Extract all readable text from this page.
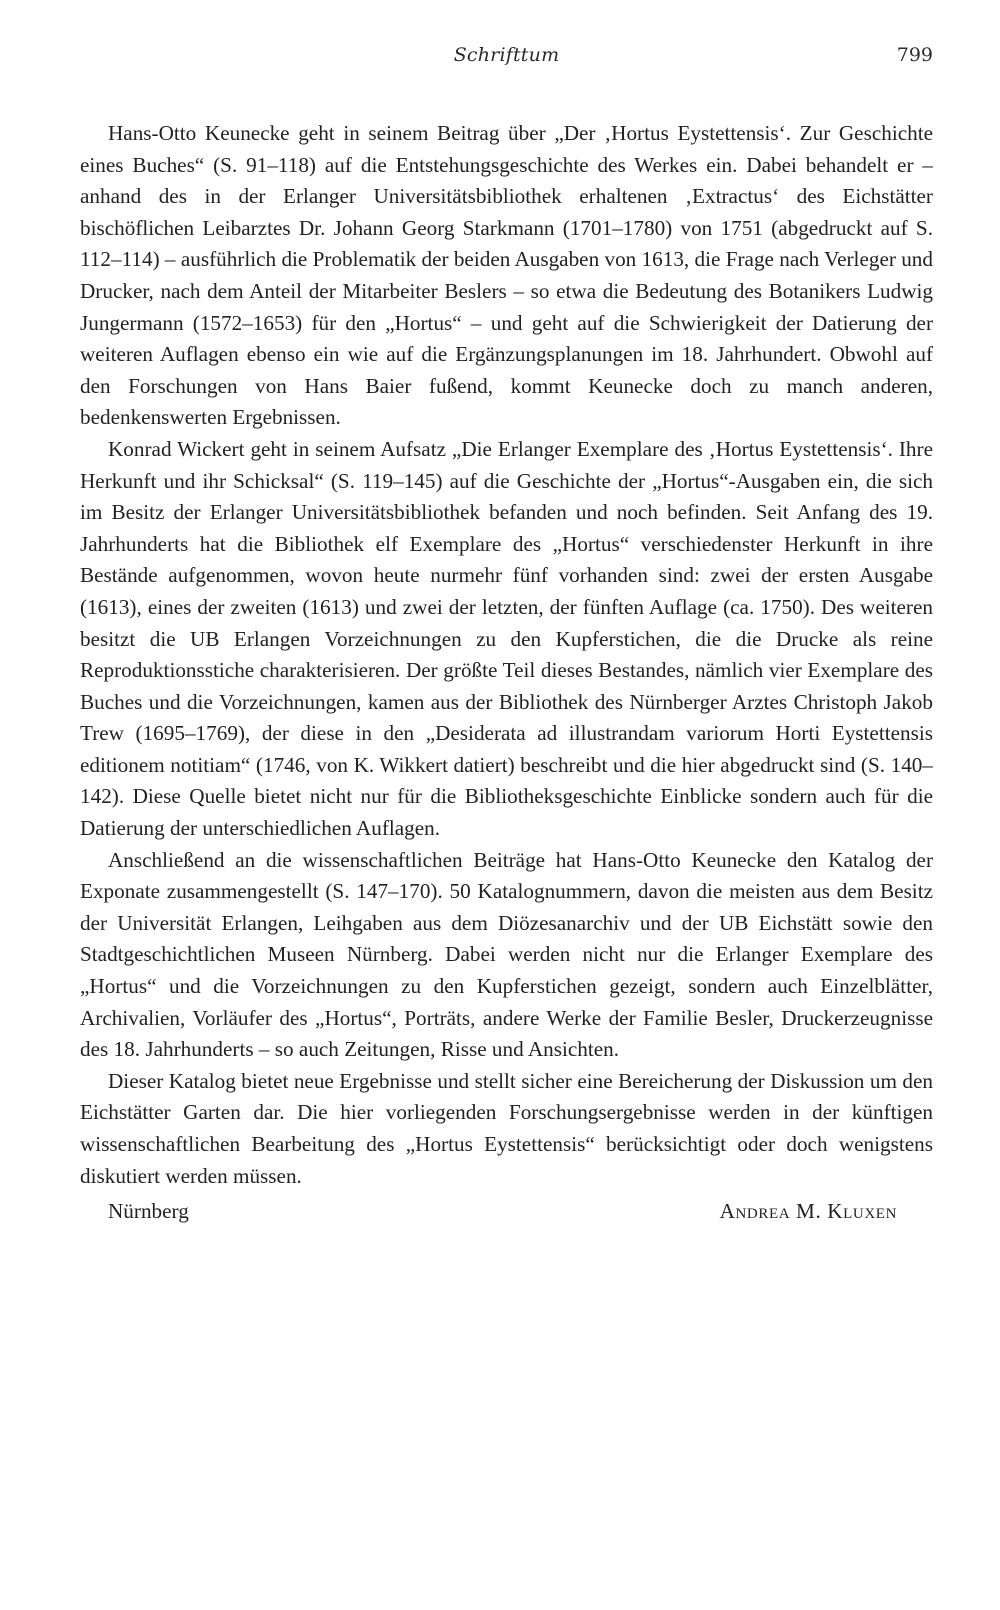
Schrifttum	799

Hans-Otto Keunecke geht in seinem Beitrag über „Der ‚Hortus Eystettensis‘. Zur Geschichte eines Buches“ (S. 91–118) auf die Entstehungsgeschichte des Werkes ein. Dabei behandelt er – anhand des in der Erlanger Universitätsbibliothek erhaltenen ‚Extractus‘ des Eichstätter bischöflichen Leibarztes Dr. Johann Georg Starkmann (1701–1780) von 1751 (abgedruckt auf S. 112–114) – ausführlich die Problematik der beiden Ausgaben von 1613, die Frage nach Verleger und Drucker, nach dem Anteil der Mitarbeiter Beslers – so etwa die Bedeutung des Botanikers Ludwig Jungermann (1572–1653) für den „Hortus“ – und geht auf die Schwierigkeit der Datierung der weiteren Auflagen ebenso ein wie auf die Ergänzungsplanungen im 18. Jahrhundert. Obwohl auf den Forschungen von Hans Baier fußend, kommt Keunecke doch zu manch anderen, bedenkenswerten Ergebnissen.

Konrad Wickert geht in seinem Aufsatz „Die Erlanger Exemplare des ‚Hortus Eystettensis‘. Ihre Herkunft und ihr Schicksal“ (S. 119–145) auf die Geschichte der „Hortus“-Ausgaben ein, die sich im Besitz der Erlanger Universitätsbibliothek befanden und noch befinden. Seit Anfang des 19. Jahrhunderts hat die Bibliothek elf Exemplare des „Hortus“ verschiedenster Herkunft in ihre Bestände aufgenommen, wovon heute nurmehr fünf vorhanden sind: zwei der ersten Ausgabe (1613), eines der zweiten (1613) und zwei der letzten, der fünften Auflage (ca. 1750). Des weiteren besitzt die UB Erlangen Vorzeichnungen zu den Kupferstichen, die die Drucke als reine Reproduktionsstiche charakterisieren. Der größte Teil dieses Bestandes, nämlich vier Exemplare des Buches und die Vorzeichnungen, kamen aus der Bibliothek des Nürnberger Arztes Christoph Jakob Trew (1695–1769), der diese in den „Desiderata ad illustrandam variorum Horti Eystettensis editionem notitiam“ (1746, von K. Wikkert datiert) beschreibt und die hier abgedruckt sind (S. 140–142). Diese Quelle bietet nicht nur für die Bibliotheksgeschichte Einblicke sondern auch für die Datierung der unterschiedlichen Auflagen.

Anschließend an die wissenschaftlichen Beiträge hat Hans-Otto Keunecke den Katalog der Exponate zusammengestellt (S. 147–170). 50 Katalognummern, davon die meisten aus dem Besitz der Universität Erlangen, Leihgaben aus dem Diözesanarchiv und der UB Eichstätt sowie den Stadtgeschichtlichen Museen Nürnberg. Dabei werden nicht nur die Erlanger Exemplare des „Hortus“ und die Vorzeichnungen zu den Kupferstichen gezeigt, sondern auch Einzelblätter, Archivalien, Vorläufer des „Hortus“, Porträts, andere Werke der Familie Besler, Druckerzeugnisse des 18. Jahrhunderts – so auch Zeitungen, Risse und Ansichten.

Dieser Katalog bietet neue Ergebnisse und stellt sicher eine Bereicherung der Diskussion um den Eichstätter Garten dar. Die hier vorliegenden Forschungsergebnisse werden in der künftigen wissenschaftlichen Bearbeitung des „Hortus Eystettensis“ berücksichtigt oder doch wenigstens diskutiert werden müssen.

Nürnberg	Andrea M. Kluxen
